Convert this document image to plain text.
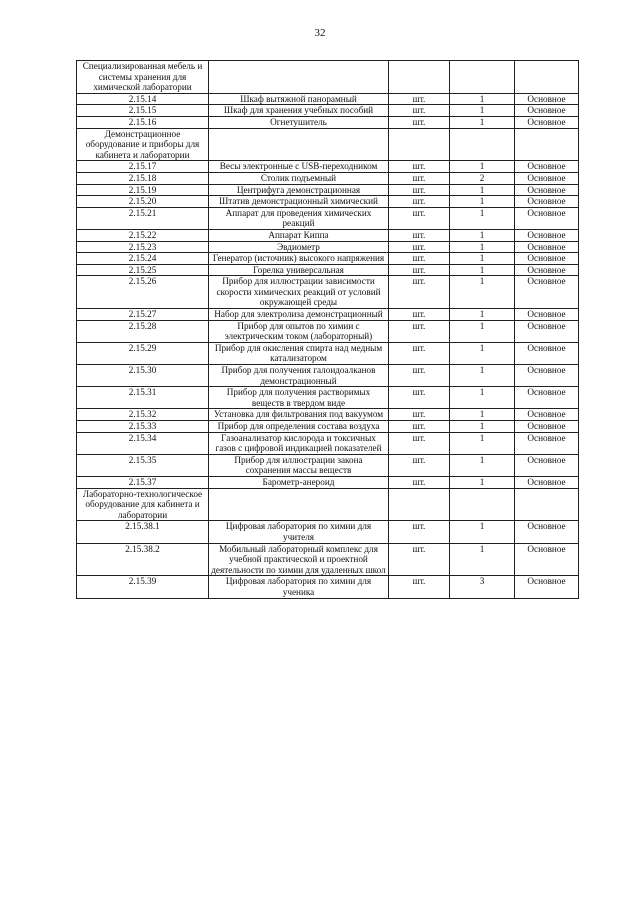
32
Специализированная мебель и системы хранения для химической лаборатории				
2.15.14	Шкаф вытяжной панорамный	шт.	1	Основное
2.15.15	Шкаф для хранения учебных пособий	шт.	1	Основное
2.15.16	Огнетушитель	шт.	1	Основное
Демонстрационное оборудование и приборы для кабинета и лаборатории				
2.15.17	Весы электронные с USB-переходником	шт.	1	Основное
2.15.18	Столик подъемный	шт.	2	Основное
2.15.19	Центрифуга демонстрационная	шт.	1	Основное
2.15.20	Штатив демонстрационный химический	шт.	1	Основное
2.15.21	Аппарат для проведения химических реакций	шт.	1	Основное
2.15.22	Аппарат Киппа	шт.	1	Основное
2.15.23	Эвдиометр	шт.	1	Основное
2.15.24	Генератор (источник) высокого напряжения	шт.	1	Основное
2.15.25	Горелка универсальная	шт.	1	Основное
2.15.26	Прибор для иллюстрации зависимости скорости химических реакций от условий окружающей среды	шт.	1	Основное
2.15.27	Набор для электролиза демонстрационный	шт.	1	Основное
2.15.28	Прибор для опытов по химии с электрическим током (лабораторный)	шт.	1	Основное
2.15.29	Прибор для окисления спирта над медным катализатором	шт.	1	Основное
2.15.30	Прибор для получения галоидоалканов демонстрационный	шт.	1	Основное
2.15.31	Прибор для получения растворимых веществ в твердом виде	шт.	1	Основное
2.15.32	Установка для фильтрования под вакуумом	шт.	1	Основное
2.15.33	Прибор для определения состава воздуха	шт.	1	Основное
2.15.34	Газоанализатор кислорода и токсичных газов с цифровой индикацией показателей	шт.	1	Основное
2.15.35	Прибор для иллюстрации закона сохранения массы веществ	шт.	1	Основное
2.15.37	Барометр-анероид	шт.	1	Основное
Лабораторно-технологическое оборудование для кабинета и лаборатории				
2.15.38.1	Цифровая лаборатория по химии для учителя	шт.	1	Основное
2.15.38.2	Мобильный лабораторный комплекс для учебной практической и проектной деятельности по химии для удаленных школ	шт.	1	Основное
2.15.39	Цифровая лаборатория по химии для ученика	шт.	3	Основное
